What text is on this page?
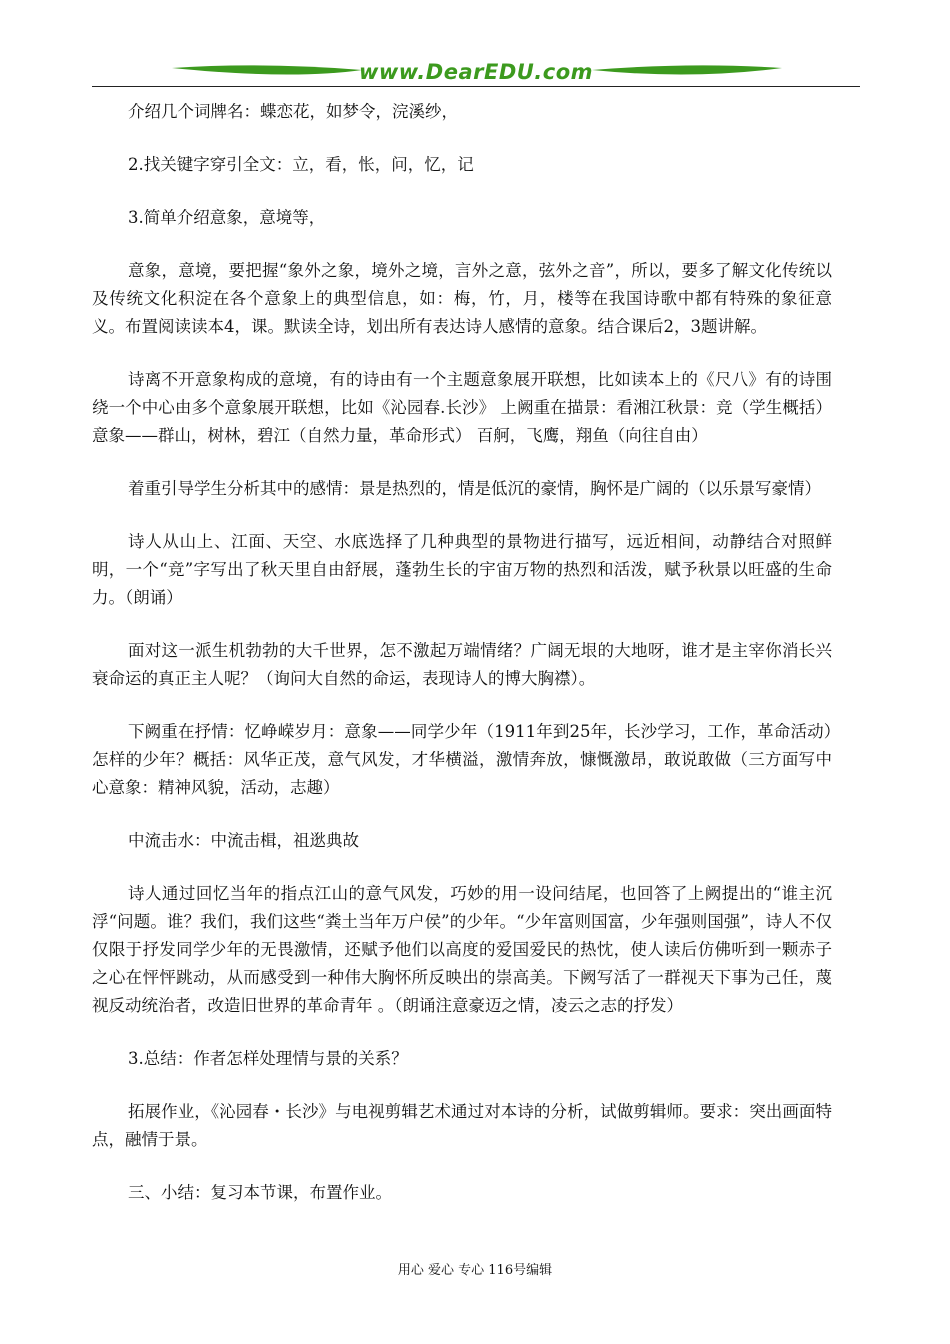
www.DearEDU.com

介绍几个词牌名：蝶恋花，如梦令，浣溪纱，

2.找关键字穿引全文：立，看，怅，问，忆，记

3.简单介绍意象，意境等，

意象，意境，要把握“象外之象，境外之境，言外之意，弦外之音”，所以，要多了解文化传统以及传统文化积淀在各个意象上的典型信息，如：梅，竹，月，楼等在我国诗歌中都有特殊的象征意义。布置阅读读本4，课。默读全诗，划出所有表达诗人感情的意象。结合课后2，3题讲解。

诗离不开意象构成的意境，有的诗由有一个主题意象展开联想，比如读本上的《尺八》有的诗围绕一个中心由多个意象展开联想，比如《沁园春.长沙》 上阙重在描景：看湘江秋景：竞（学生概括） 意象——群山，树林，碧江（自然力量，革命形式） 百舸，飞鹰，翔鱼（向往自由）

着重引导学生分析其中的感情：景是热烈的，情是低沉的豪情，胸怀是广阔的（以乐景写豪情）

诗人从山上、江面、天空、水底选择了几种典型的景物进行描写，远近相间，动静结合对照鲜明，一个“竞”字写出了秋天里自由舒展，蓬勃生长的宇宙万物的热烈和活泼，赋予秋景以旺盛的生命力。（朗诵）

面对这一派生机勃勃的大千世界，怎不激起万端情绪？广阔无垠的大地呀，谁才是主宰你消长兴衰命运的真正主人呢？（询问大自然的命运，表现诗人的博大胸襟）。

下阙重在抒情：忆峥嵘岁月：意象——同学少年（1911年到25年，长沙学习，工作，革命活动）怎样的少年？概括：风华正茂，意气风发，才华横溢，激情奔放，慷慨激昂，敢说敢做（三方面写中心意象：精神风貌，活动，志趣）

中流击水：中流击楫，祖逖典故

诗人通过回忆当年的指点江山的意气风发，巧妙的用一设问结尾，也回答了上阙提出的“谁主沉浮“问题。谁？我们，我们这些“粪土当年万户侯”的少年。“少年富则国富，少年强则国强”，诗人不仅仅限于抒发同学少年的无畏激情，还赋予他们以高度的爱国爱民的热忱，使人读后仿佛听到一颗赤子之心在怦怦跳动，从而感受到一种伟大胸怀所反映出的崇高美。下阙写活了一群视天下事为己任，蔑视反动统治者，改造旧世界的革命青年 。（朗诵注意豪迈之情，凌云之志的抒发）

3.总结：作者怎样处理情与景的关系？

拓展作业，《沁园春・长沙》与电视剪辑艺术通过对本诗的分析，试做剪辑师。要求：突出画面特点，融情于景。

三、小结：复习本节课，布置作业。

用心 爱心 专心 116号编辑
